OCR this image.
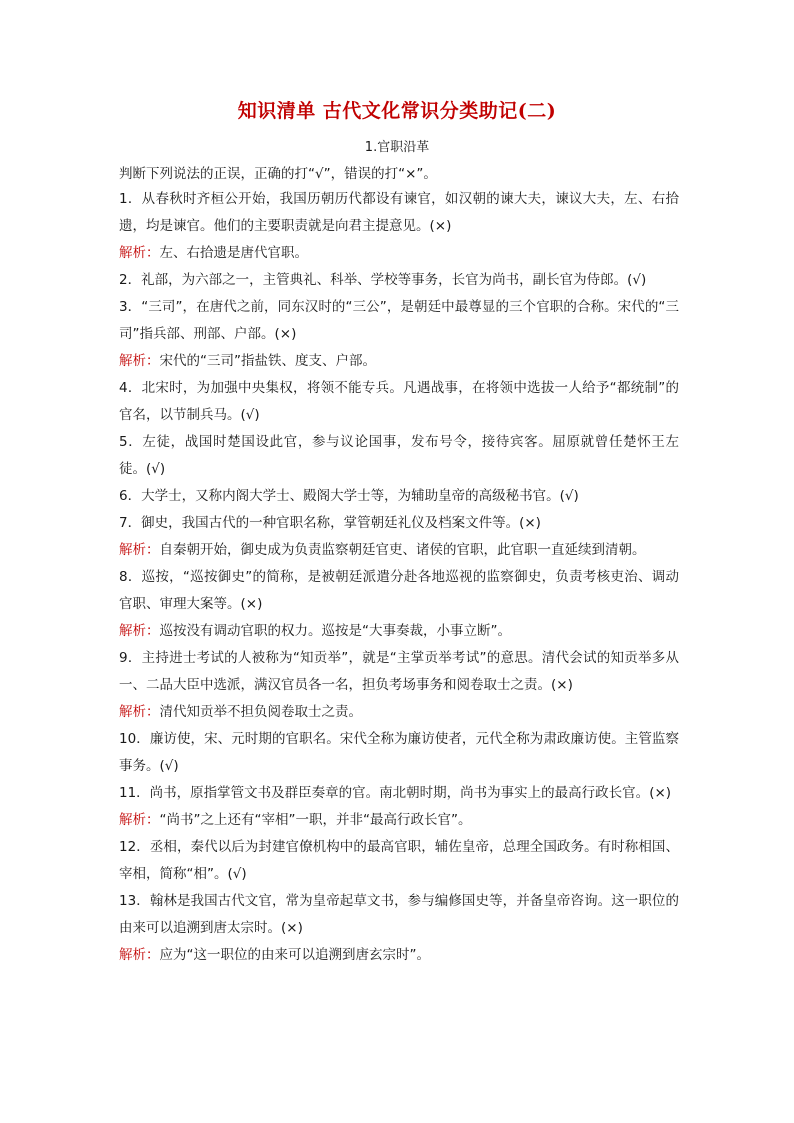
知识清单 古代文化常识分类助记(二)
1.官职沿革
判断下列说法的正误，正确的打“√”，错误的打“×”。

1．从春秋时齐桓公开始，我国历朝历代都设有谏官，如汉朝的谏大夫，谏议大夫，左、右拾遗，均是谏官。他们的主要职责就是向君主提意见。(×)

解析：左、右拾遗是唐代官职。

2．礼部，为六部之一，主管典礼、科举、学校等事务，长官为尚书，副长官为侍郎。(√)

3．“三司”，在唐代之前，同东汉时的“三公”，是朝廷中最尊显的三个官职的合称。宋代的“三司”指兵部、刑部、户部。(×)

解析：宋代的“三司”指盐铁、度支、户部。

4．北宋时，为加强中央集权，将领不能专兵。凡遇战事，在将领中选拔一人给予“都统制”的官名，以节制兵马。(√)

5．左徒，战国时楚国设此官，参与议论国事，发布号令，接待宾客。屈原就曾任楚怀王左徒。(√)

6．大学士，又称内阁大学士、殿阁大学士等，为辅助皇帝的高级秘书官。(√)

7．御史，我国古代的一种官职名称，掌管朝廷礼仪及档案文件等。(×)

解析：自秦朝开始，御史成为负责监察朝廷官吏、诸侯的官职，此官职一直延续到清朝。

8．巡按，“巡按御史”的简称，是被朝廷派遣分赴各地巡视的监察御史，负责考核吏治、调动官职、审理大案等。(×)

解析：巡按没有调动官职的权力。巡按是“大事奏裁，小事立断”。

9．主持进士考试的人被称为“知贡举”，就是“主掌贡举考试”的意思。清代会试的知贡举多从一、二品大臣中选派，满汉官员各一名，担负考场事务和阅卷取士之责。(×)

解析：清代知贡举不担负阅卷取士之责。

10．廉访使，宋、元时期的官职名。宋代全称为廉访使者，元代全称为肃政廉访使。主管监察事务。(√)

11．尚书，原指掌管文书及群臣奏章的官。南北朝时期，尚书为事实上的最高行政长官。(×)

解析：“尚书”之上还有“宰相”一职，并非“最高行政长官”。

12．丞相，秦代以后为封建官僚机构中的最高官职，辅佐皇帝，总理全国政务。有时称相国、宰相，简称“相”。(√)

13．翰林是我国古代文官，常为皇帝起草文书，参与编修国史等，并备皇帝咨询。这一职位的由来可以追溯到唐太宗时。(×)

解析：应为“这一职位的由来可以追溯到唐玄宗时”。
